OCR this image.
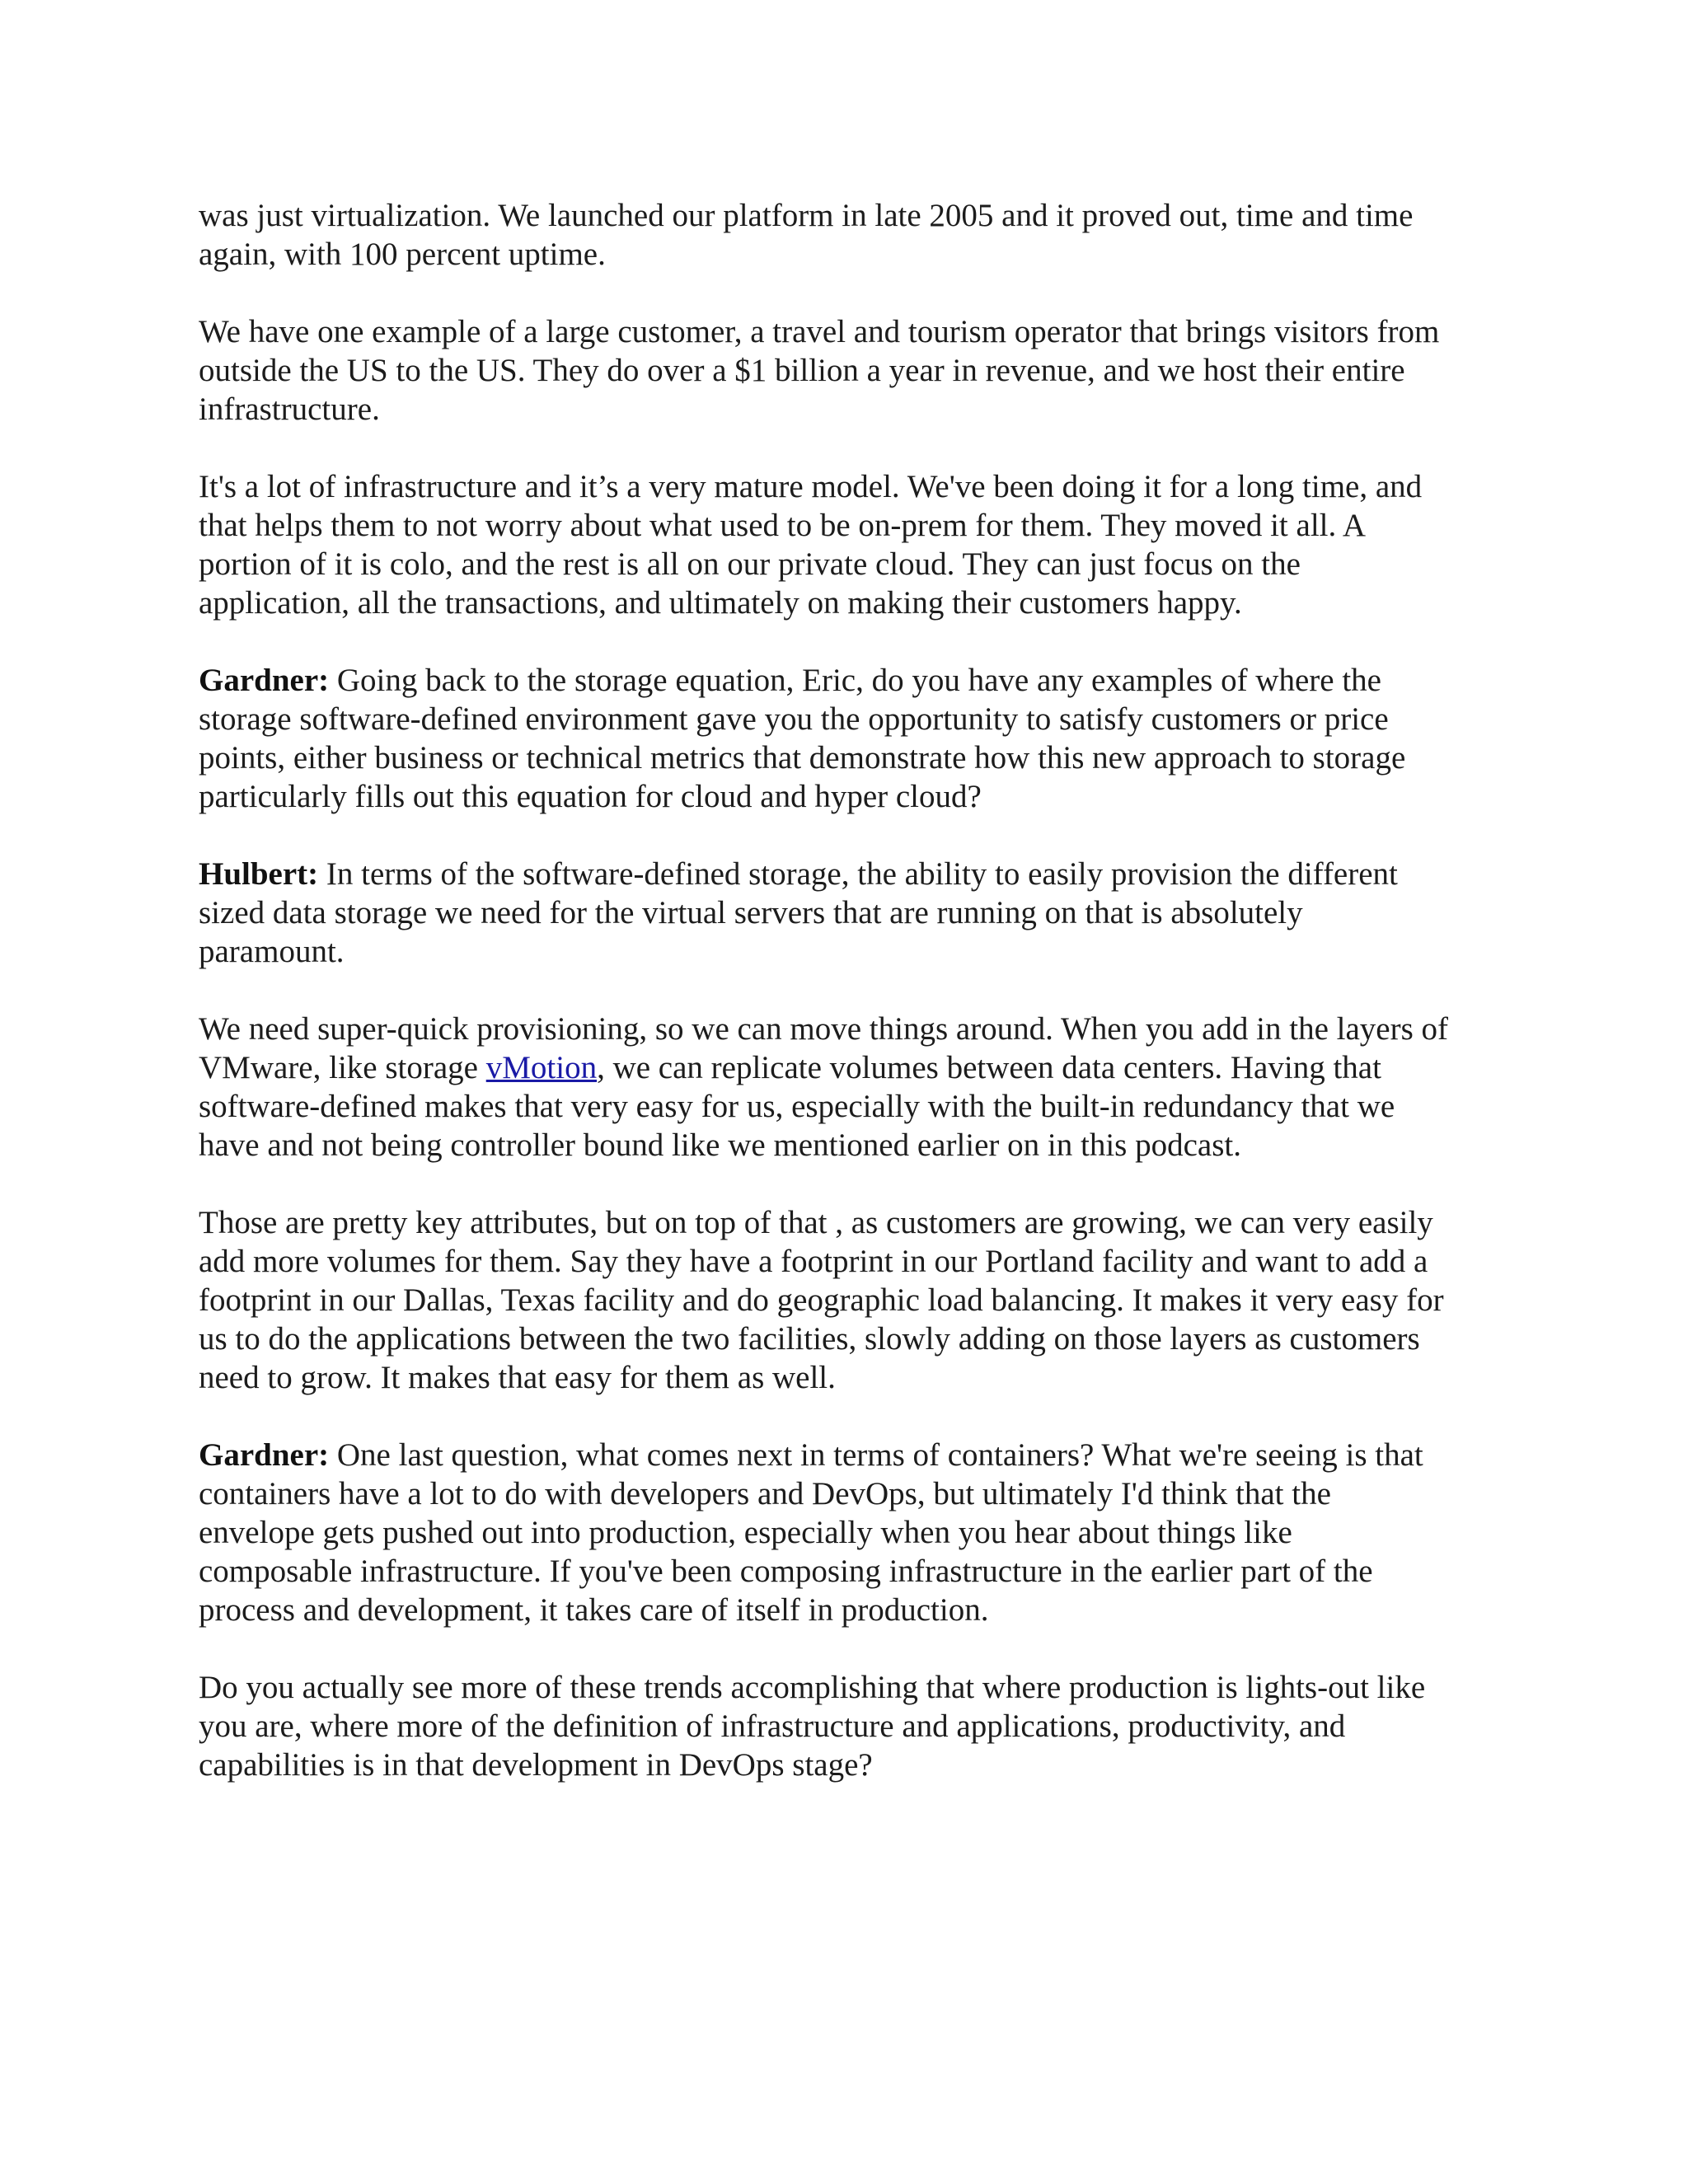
was just virtualization. We launched our platform in late 2005 and it proved out, time and time
again, with 100 percent uptime.

We have one example of a large customer, a travel and tourism operator that brings visitors from
outside the US to the US. They do over a $1 billion a year in revenue, and we host their entire
infrastructure.

It's a lot of infrastructure and it’s a very mature model. We've been doing it for a long time, and
that helps them to not worry about what used to be on-prem for them. They moved it all. A
portion of it is colo, and the rest is all on our private cloud. They can just focus on the
application, all the transactions, and ultimately on making their customers happy.

Gardner: Going back to the storage equation, Eric, do you have any examples of where the
storage software-defined environment gave you the opportunity to satisfy customers or price
points, either business or technical metrics that demonstrate how this new approach to storage
particularly fills out this equation for cloud and hyper cloud?

Hulbert: In terms of the software-defined storage, the ability to easily provision the different
sized data storage we need for the virtual servers that are running on that is absolutely
paramount.

We need super-quick provisioning, so we can move things around. When you add in the layers of
VMware, like storage vMotion, we can replicate volumes between data centers. Having that
software-defined makes that very easy for us, especially with the built-in redundancy that we
have and not being controller bound like we mentioned earlier on in this podcast.

Those are pretty key attributes, but on top of that , as customers are growing, we can very easily
add more volumes for them. Say they have a footprint in our Portland facility and want to add a
footprint in our Dallas, Texas facility and do geographic load balancing. It makes it very easy for
us to do the applications between the two facilities, slowly adding on those layers as customers
need to grow. It makes that easy for them as well.

Gardner: One last question, what comes next in terms of containers? What we're seeing is that
containers have a lot to do with developers and DevOps, but ultimately I'd think that the
envelope gets pushed out into production, especially when you hear about things like
composable infrastructure. If you've been composing infrastructure in the earlier part of the
process and development, it takes care of itself in production.

Do you actually see more of these trends accomplishing that where production is lights-out like
you are, where more of the definition of infrastructure and applications, productivity, and
capabilities is in that development in DevOps stage?
